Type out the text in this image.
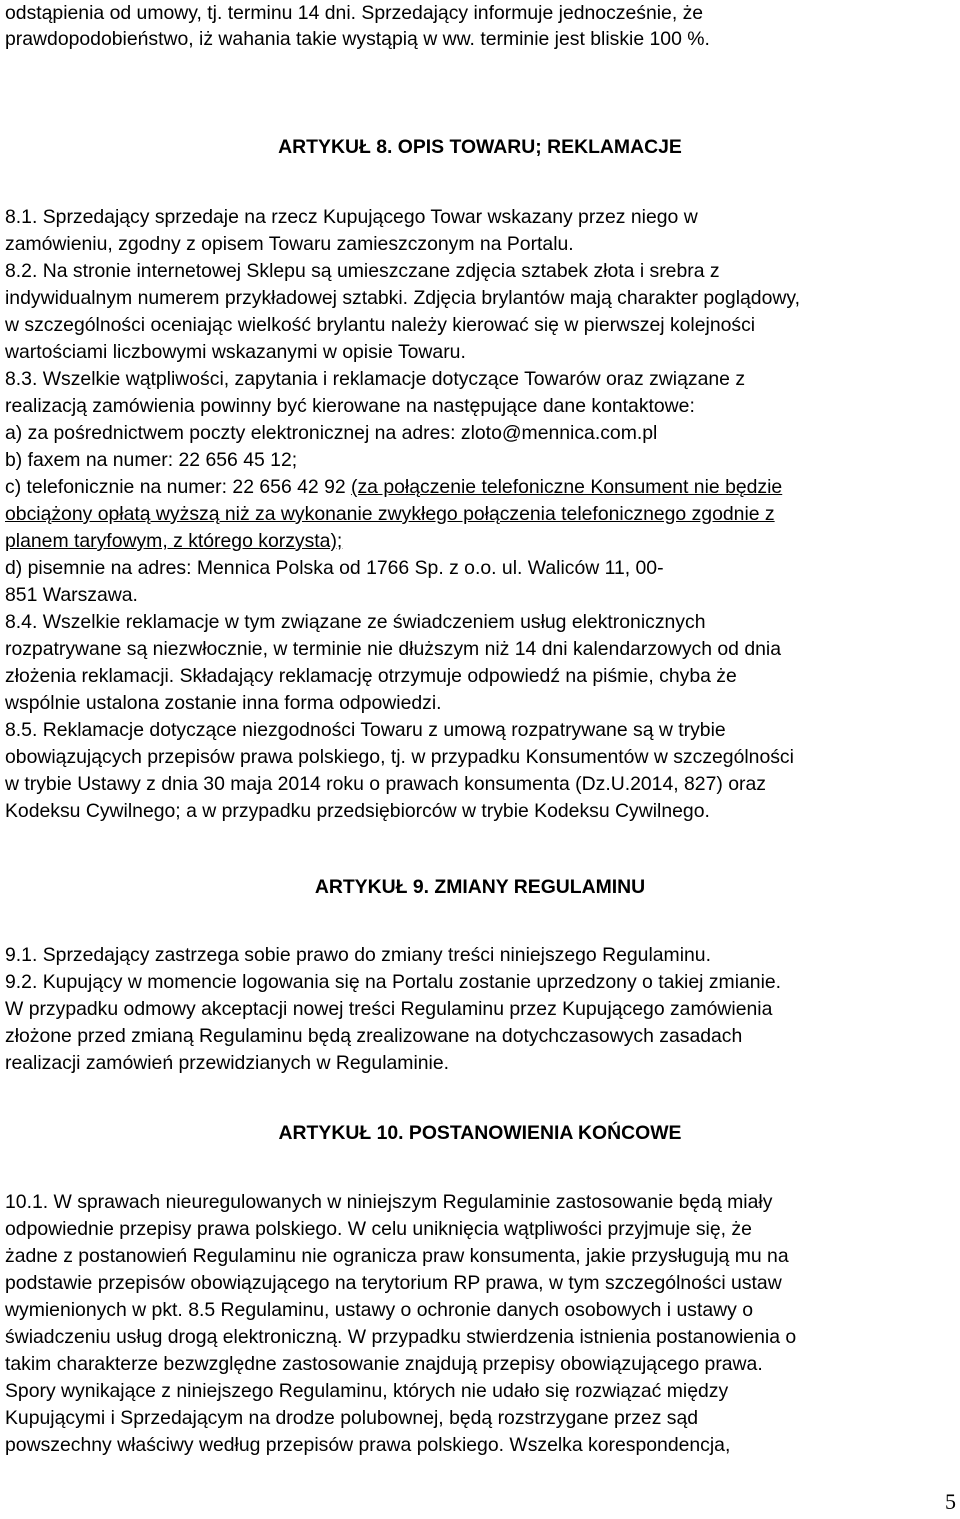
odstąpienia od umowy, tj. terminu 14 dni. Sprzedający informuje jednocześnie, że
prawdopodobieństwo, iż wahania takie wystąpią w ww. terminie jest bliskie 100 %.
ARTYKUŁ 8. OPIS TOWARU; REKLAMACJE
8.1. Sprzedający sprzedaje na rzecz Kupującego Towar wskazany przez niego w
zamówieniu, zgodny z opisem Towaru zamieszczonym na Portalu.
8.2. Na stronie internetowej Sklepu są umieszczane zdjęcia sztabek złota i srebra z
indywidualnym numerem przykładowej sztabki. Zdjęcia brylantów mają charakter poglądowy,
w szczególności oceniając wielkość brylantu należy kierować się w pierwszej kolejności
wartościami liczbowymi wskazanymi w opisie Towaru.
8.3. Wszelkie wątpliwości, zapytania i reklamacje dotyczące Towarów oraz związane z
realizacją zamówienia powinny być kierowane na następujące dane kontaktowe:
a) za pośrednictwem poczty elektronicznej na adres: zloto@mennica.com.pl
b) faxem na numer: 22 656 45 12;
c) telefonicznie na numer: 22 656 42 92 (za połączenie telefoniczne Konsument nie będzie
obciążony opłatą wyższą niż za wykonanie zwykłego połączenia telefonicznego zgodnie z
planem taryfowym, z którego korzysta);
d) pisemnie na adres: Mennica Polska od 1766 Sp. z o.o. ul. Waliców 11, 00-
851 Warszawa.
8.4. Wszelkie reklamacje w tym związane ze świadczeniem usług elektronicznych
rozpatrywane są niezwłocznie, w terminie nie dłuższym niż 14 dni kalendarzowych od dnia
złożenia reklamacji. Składający reklamację otrzymuje odpowiedź na piśmie, chyba że
wspólnie ustalona zostanie inna forma odpowiedzi.
8.5. Reklamacje dotyczące niezgodności Towaru z umową rozpatrywane są w trybie
obowiązujących przepisów prawa polskiego, tj. w przypadku Konsumentów w szczególności
w trybie Ustawy z dnia 30 maja 2014 roku o prawach konsumenta (Dz.U.2014, 827) oraz
Kodeksu Cywilnego; a w przypadku przedsiębiorców w trybie Kodeksu Cywilnego.
ARTYKUŁ 9. ZMIANY REGULAMINU
9.1. Sprzedający zastrzega sobie prawo do zmiany treści niniejszego Regulaminu.
9.2. Kupujący w momencie logowania się na Portalu zostanie uprzedzony o takiej zmianie.
W przypadku odmowy akceptacji nowej treści Regulaminu przez Kupującego zamówienia
złożone przed zmianą Regulaminu będą zrealizowane na dotychczasowych zasadach
realizacji zamówień przewidzianych w Regulaminie.
ARTYKUŁ 10. POSTANOWIENIA KOŃCOWE
10.1. W sprawach nieuregulowanych w niniejszym Regulaminie zastosowanie będą miały
odpowiednie przepisy prawa polskiego. W celu uniknięcia wątpliwości przyjmuje się, że
żadne z postanowień Regulaminu nie ogranicza praw konsumenta, jakie przysługują mu na
podstawie przepisów obowiązującego na terytorium RP prawa, w tym szczególności ustaw
wymienionych w pkt. 8.5 Regulaminu, ustawy o ochronie danych osobowych i ustawy o
świadczeniu usług drogą elektroniczną. W przypadku stwierdzenia istnienia postanowienia o
takim charakterze bezwzględne zastosowanie znajdują przepisy obowiązującego prawa.
Spory wynikające z niniejszego Regulaminu, których nie udało się rozwiązać między
Kupującymi i Sprzedającym na drodze polubownej, będą rozstrzygane przez sąd
powszechny właściwy według przepisów prawa polskiego. Wszelka korespondencja,
5
